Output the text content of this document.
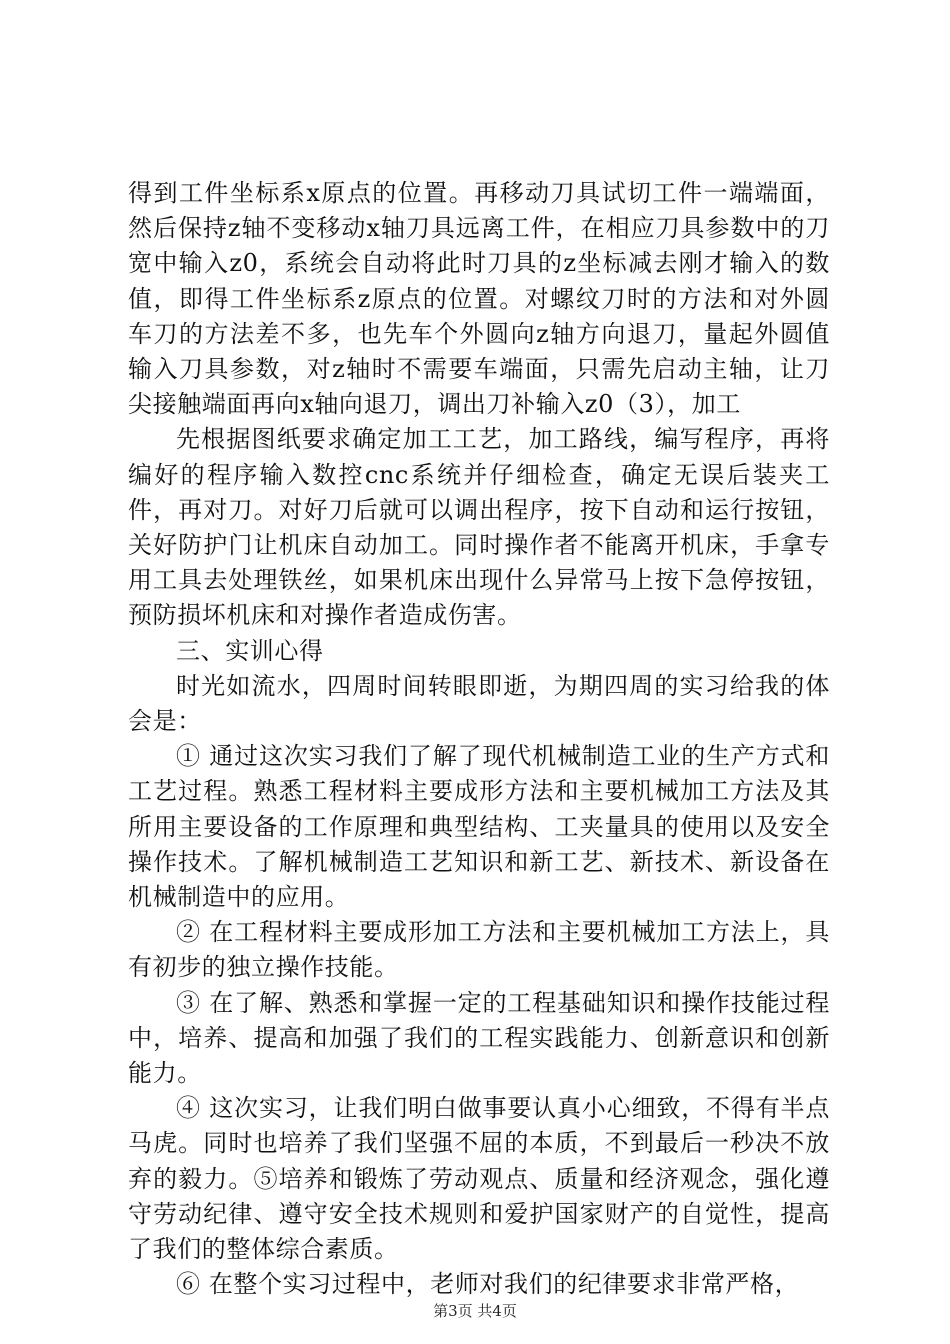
得到工件坐标系x原点的位置。再移动刀具试切工件一端端面，然后保持z轴不变移动x轴刀具远离工件，在相应刀具参数中的刀宽中输入z0，系统会自动将此时刀具的z坐标减去刚才输入的数值，即得工件坐标系z原点的位置。对螺纹刀时的方法和对外圆车刀的方法差不多，也先车个外圆向z轴方向退刀，量起外圆值输入刀具参数，对z轴时不需要车端面，只需先启动主轴，让刀尖接触端面再向x轴向退刀，调出刀补输入z0（3），加工

先根据图纸要求确定加工工艺，加工路线，编写程序，再将编好的程序输入数控cnc系统并仔细检查，确定无误后装夹工件，再对刀。对好刀后就可以调出程序，按下自动和运行按钮，关好防护门让机床自动加工。同时操作者不能离开机床，手拿专用工具去处理铁丝，如果机床出现什么异常马上按下急停按钮，预防损坏机床和对操作者造成伤害。

三、实训心得

时光如流水，四周时间转眼即逝，为期四周的实习给我的体会是：

① 通过这次实习我们了解了现代机械制造工业的生产方式和工艺过程。熟悉工程材料主要成形方法和主要机械加工方法及其所用主要设备的工作原理和典型结构、工夹量具的使用以及安全操作技术。了解机械制造工艺知识和新工艺、新技术、新设备在机械制造中的应用。

② 在工程材料主要成形加工方法和主要机械加工方法上，具有初步的独立操作技能。

③ 在了解、熟悉和掌握一定的工程基础知识和操作技能过程中，培养、提高和加强了我们的工程实践能力、创新意识和创新能力。

④ 这次实习，让我们明白做事要认真小心细致，不得有半点马虎。同时也培养了我们坚强不屈的本质，不到最后一秒决不放弃的毅力。⑤培养和锻炼了劳动观点、质量和经济观念，强化遵守劳动纪律、遵守安全技术规则和爱护国家财产的自觉性，提高了我们的整体综合素质。

⑥ 在整个实习过程中，老师对我们的纪律要求非常严格，

第3页 共4页
